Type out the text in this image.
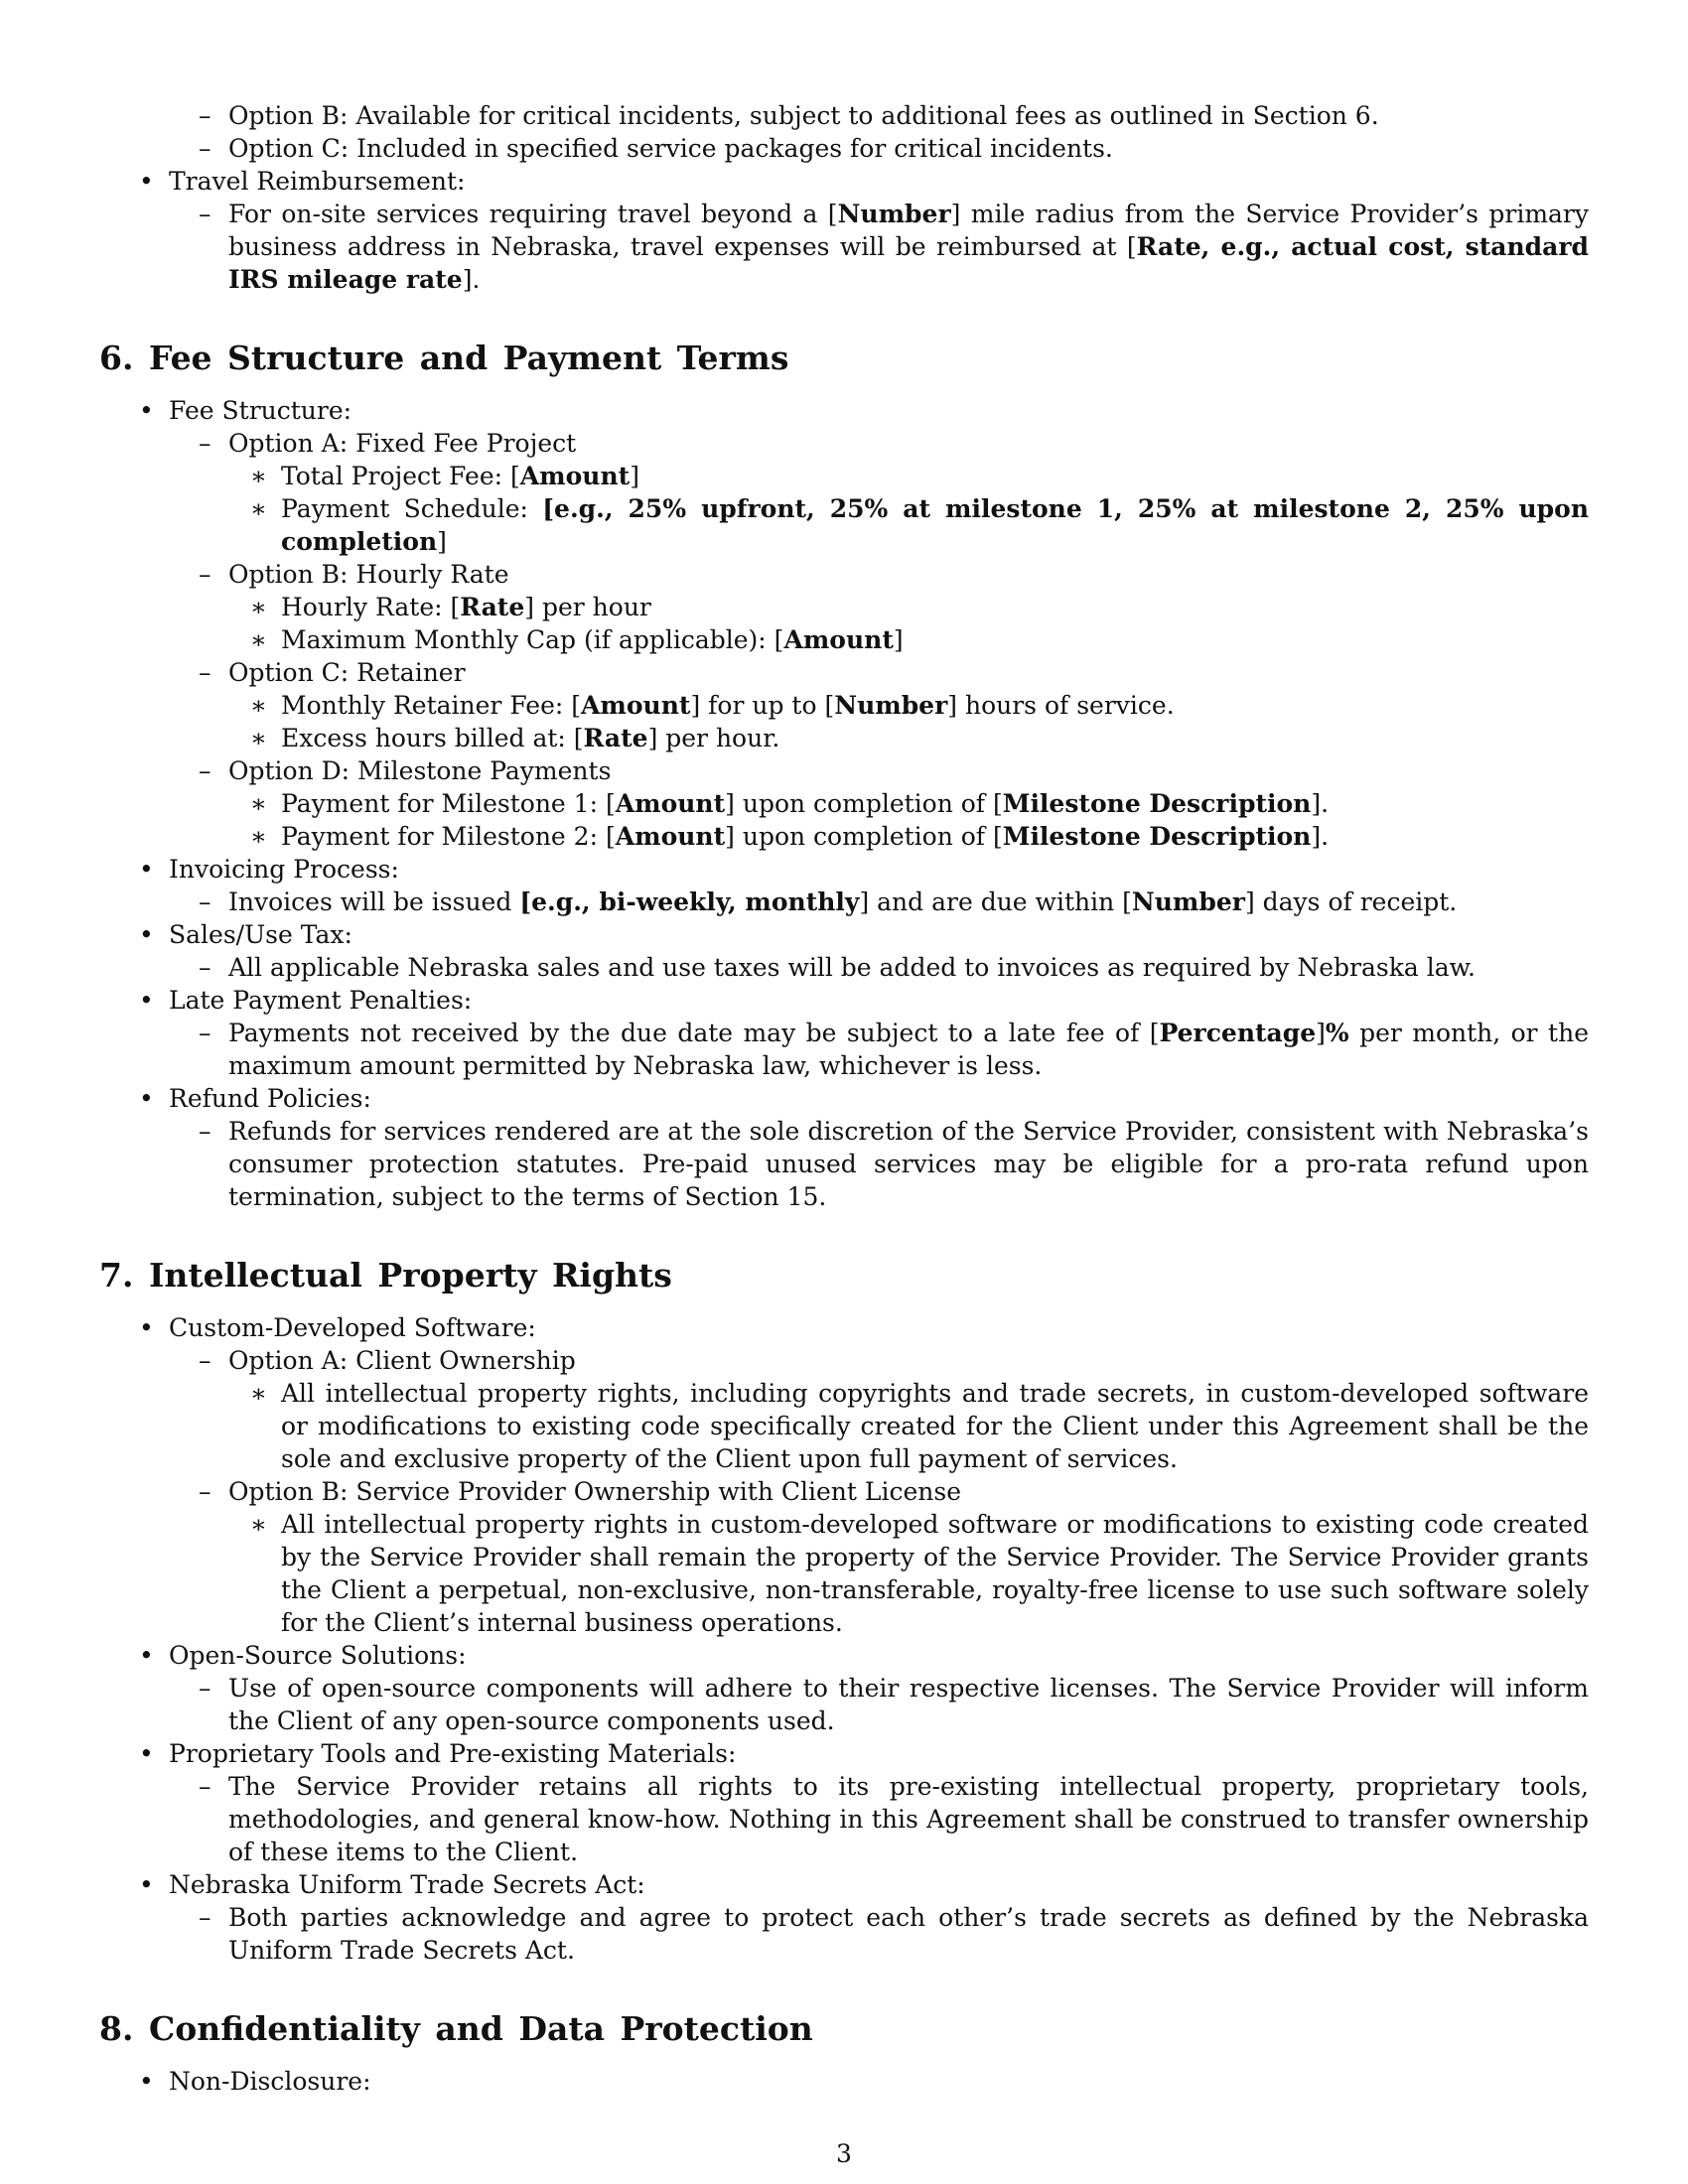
– Option B: Available for critical incidents, subject to additional fees as outlined in Section 6.
– Option C: Included in specified service packages for critical incidents.
• Travel Reimbursement:
– For on-site services requiring travel beyond a [Number] mile radius from the Service Provider’s primary business address in Nebraska, travel expenses will be reimbursed at [Rate, e.g., actual cost, standard IRS mileage rate].
6. Fee Structure and Payment Terms
• Fee Structure:
– Option A: Fixed Fee Project
∗ Total Project Fee: [Amount]
∗ Payment Schedule: [e.g., 25% upfront, 25% at milestone 1, 25% at milestone 2, 25% upon completion]
– Option B: Hourly Rate
∗ Hourly Rate: [Rate] per hour
∗ Maximum Monthly Cap (if applicable): [Amount]
– Option C: Retainer
∗ Monthly Retainer Fee: [Amount] for up to [Number] hours of service.
∗ Excess hours billed at: [Rate] per hour.
– Option D: Milestone Payments
∗ Payment for Milestone 1: [Amount] upon completion of [Milestone Description].
∗ Payment for Milestone 2: [Amount] upon completion of [Milestone Description].
• Invoicing Process:
– Invoices will be issued [e.g., bi-weekly, monthly] and are due within [Number] days of receipt.
• Sales/Use Tax:
– All applicable Nebraska sales and use taxes will be added to invoices as required by Nebraska law.
• Late Payment Penalties:
– Payments not received by the due date may be subject to a late fee of [Percentage]% per month, or the maximum amount permitted by Nebraska law, whichever is less.
• Refund Policies:
– Refunds for services rendered are at the sole discretion of the Service Provider, consistent with Nebraska’s consumer protection statutes. Pre-paid unused services may be eligible for a pro-rata refund upon termination, subject to the terms of Section 15.
7. Intellectual Property Rights
• Custom-Developed Software:
– Option A: Client Ownership
∗ All intellectual property rights, including copyrights and trade secrets, in custom-developed software or modifications to existing code specifically created for the Client under this Agreement shall be the sole and exclusive property of the Client upon full payment of services.
– Option B: Service Provider Ownership with Client License
∗ All intellectual property rights in custom-developed software or modifications to existing code created by the Service Provider shall remain the property of the Service Provider. The Service Provider grants the Client a perpetual, non-exclusive, non-transferable, royalty-free license to use such software solely for the Client’s internal business operations.
• Open-Source Solutions:
– Use of open-source components will adhere to their respective licenses. The Service Provider will inform the Client of any open-source components used.
• Proprietary Tools and Pre-existing Materials:
– The Service Provider retains all rights to its pre-existing intellectual property, proprietary tools, methodologies, and general know-how. Nothing in this Agreement shall be construed to transfer ownership of these items to the Client.
• Nebraska Uniform Trade Secrets Act:
– Both parties acknowledge and agree to protect each other’s trade secrets as defined by the Nebraska Uniform Trade Secrets Act.
8. Confidentiality and Data Protection
• Non-Disclosure:
3
